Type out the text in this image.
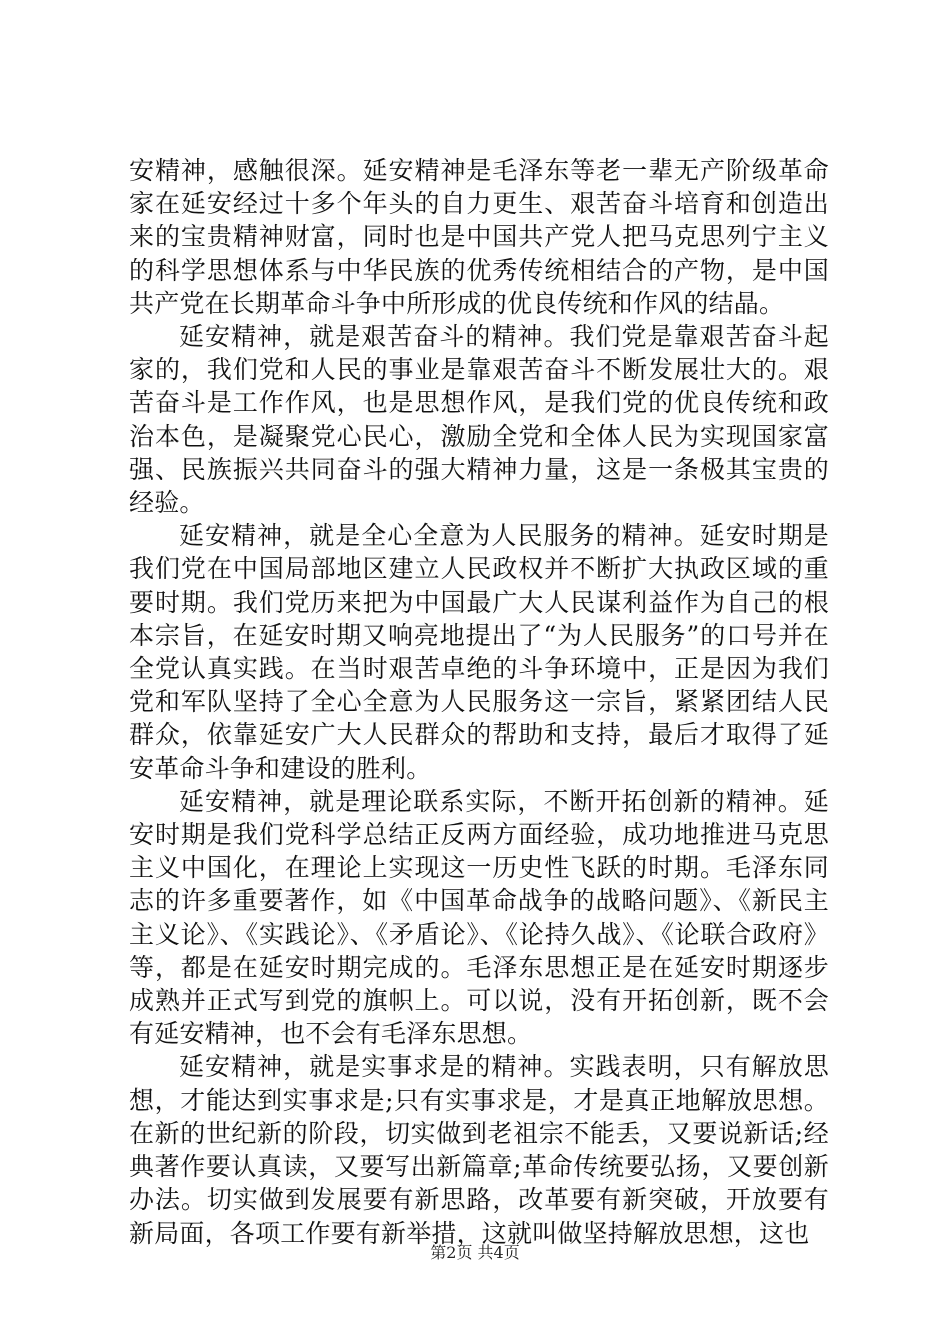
安精神，感触很深。延安精神是毛泽东等老一辈无产阶级革命家在延安经过十多个年头的自力更生、艰苦奋斗培育和创造出来的宝贵精神财富，同时也是中国共产党人把马克思列宁主义的科学思想体系与中华民族的优秀传统相结合的产物，是中国共产党在长期革命斗争中所形成的优良传统和作风的结晶。

延安精神，就是艰苦奋斗的精神。我们党是靠艰苦奋斗起家的，我们党和人民的事业是靠艰苦奋斗不断发展壮大的。艰苦奋斗是工作作风，也是思想作风，是我们党的优良传统和政治本色，是凝聚党心民心，激励全党和全体人民为实现国家富强、民族振兴共同奋斗的强大精神力量，这是一条极其宝贵的经验。

延安精神，就是全心全意为人民服务的精神。延安时期是我们党在中国局部地区建立人民政权并不断扩大执政区域的重要时期。我们党历来把为中国最广大人民谋利益作为自己的根本宗旨，在延安时期又响亮地提出了“为人民服务”的口号并在全党认真实践。在当时艰苦卓绝的斗争环境中，正是因为我们党和军队坚持了全心全意为人民服务这一宗旨，紧紧团结人民群众，依靠延安广大人民群众的帮助和支持，最后才取得了延安革命斗争和建设的胜利。

延安精神，就是理论联系实际，不断开拓创新的精神。延安时期是我们党科学总结正反两方面经验，成功地推进马克思主义中国化，在理论上实现这一历史性飞跃的时期。毛泽东同志的许多重要著作，如《中国革命战争的战略问题》、《新民主主义论》、《实践论》、《矛盾论》、《论持久战》、《论联合政府》等，都是在延安时期完成的。毛泽东思想正是在延安时期逐步成熟并正式写到党的旗帜上。可以说，没有开拓创新，既不会有延安精神，也不会有毛泽东思想。

延安精神，就是实事求是的精神。实践表明，只有解放思想，才能达到实事求是;只有实事求是，才是真正地解放思想。在新的世纪新的阶段，切实做到老祖宗不能丢，又要说新话;经典著作要认真读，又要写出新篇章;革命传统要弘扬，又要创新办法。切实做到发展要有新思路，改革要有新突破，开放要有新局面，各项工作要有新举措，这就叫做坚持解放思想，这也

第2页 共4页
